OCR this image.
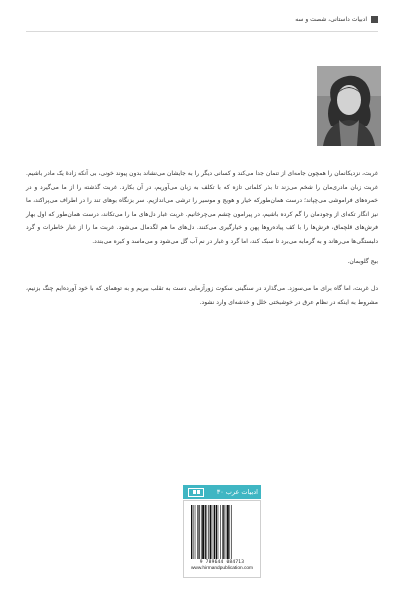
ادبیات داستانی، شصت و سه

غربت، نزدیکانمان را همچون جامه‌ای از تنمان جدا می‌کند و کسانی دیگر را به جایشان می‌نشاند بدون پیوند خونی، بی آنکه زادهٔ یک مادر باشیم. غربت زبان مادری‌مان را شخم می‌زند تا بذر کلماتی تازه که با تکلف به زبان می‌آوریم، در آن بکارد. غربت گذشته را از ما می‌گیرد و در خمره‌های فراموشی می‌چپاند؛ درست همان‌طورکه خیار و هویج و موسیر را ترشی می‌اندازیم. سر بزنگاه بوهای تند را در اطراف می‌پراکند، ما نیز انگار تکه‌ای از وجودمان را گم کرده باشیم، در پیرامون چشم می‌چرخانیم. غربت غبار دل‌های ما را می‌تکاند، درست همان‌طور که اول بهار فرش‌های قلچماق، فرش‌ها را با کف پیاده‌روها پهن و خیارگیری می‌کنند. دل‌های ما هم لگدمال می‌شود. غربت ما را از غبار خاطرات و گرد دلبستگی‌ها می‌رهاند و به گرمابه می‌برد تا سبک کند، اما گرد و غبار در نم آب گل می‌شود و می‌ماسد و کبره می‌بندد.

بیج گلوبمان.

دل غربت، اما گاه برای ما می‌سوزد. می‌گذارد در سنگینی سکوت زورآزمایی دست به تقلب ببریم و به توهمای که با خود آورده‌ایم چنگ بزنیم، مشروط به اینکه در نظام عرق در خوشبختی خلل و خدشه‌ای وارد نشود.

ادبیات عرب ۳۰
9 789644 084713
www.hirmandpublication.com
